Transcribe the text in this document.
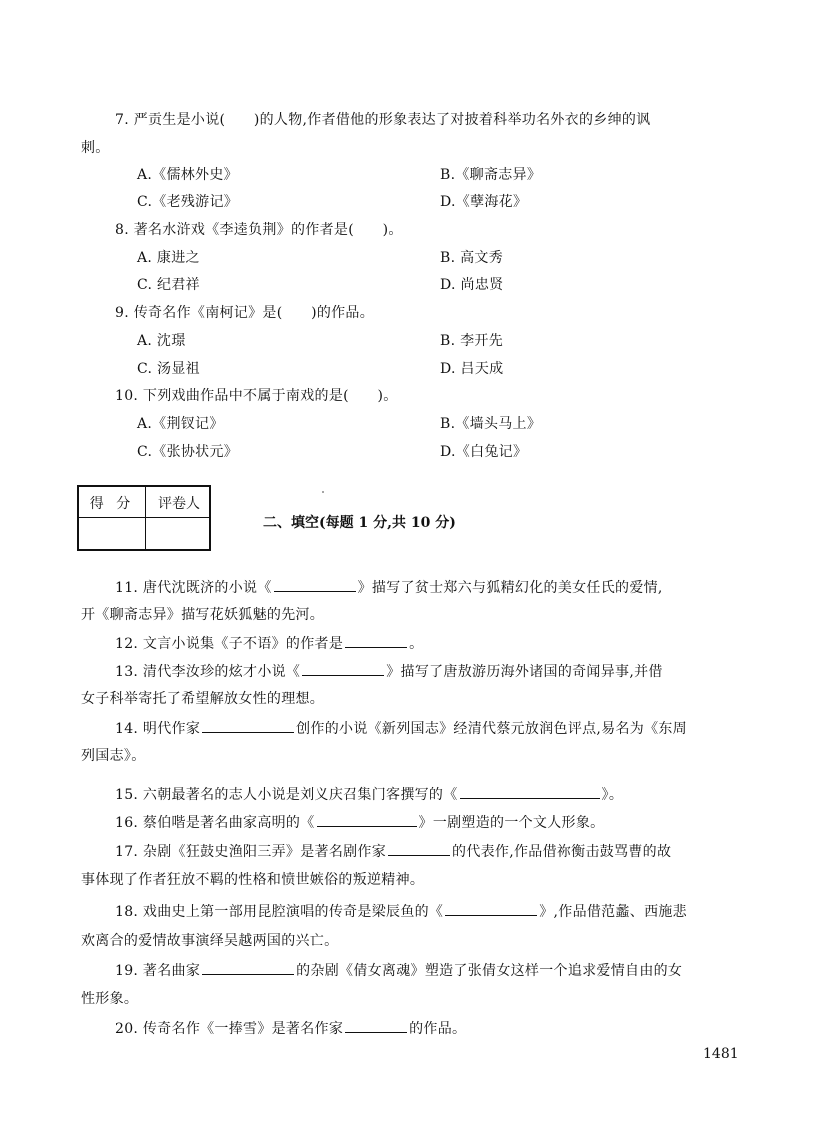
7. 严贡生是小说(　　)的人物,作者借他的形象表达了对披着科举功名外衣的乡绅的讽
刺。
A.《儒林外史》	B.《聊斋志异》
C.《老残游记》	D.《孽海花》
8. 著名水浒戏《李逵负荆》的作者是(　　)。
A. 康进之	B. 高文秀
C. 纪君祥	D. 尚忠贤
9. 传奇名作《南柯记》是(　　)的作品。
A. 沈璟	B. 李开先
C. 汤显祖	D. 吕天成
10. 下列戏曲作品中不属于南戏的是(　　)。
A.《荆钗记》	B.《墙头马上》
C.《张协状元》	D.《白兔记》
得 分	评卷人
二、填空(每题 1 分,共 10 分)
11. 唐代沈既济的小说《	》描写了贫士郑六与狐精幻化的美女任氏的爱情,
开《聊斋志异》描写花妖狐魅的先河。
12. 文言小说集《子不语》的作者是	。
13. 清代李汝珍的炫才小说《	》描写了唐敖游历海外诸国的奇闻异事,并借
女子科举寄托了希望解放女性的理想。
14. 明代作家	创作的小说《新列国志》经清代蔡元放润色评点,易名为《东周
列国志》。
15. 六朝最著名的志人小说是刘义庆召集门客撰写的《	》。
16. 蔡伯喈是著名曲家高明的《	》一剧塑造的一个文人形象。
17. 杂剧《狂鼓史渔阳三弄》是著名剧作家	的代表作,作品借祢衡击鼓骂曹的故
事体现了作者狂放不羁的性格和愤世嫉俗的叛逆精神。
18. 戏曲史上第一部用昆腔演唱的传奇是梁辰鱼的《	》,作品借范蠡、西施悲
欢离合的爱情故事演绎吴越两国的兴亡。
19. 著名曲家	的杂剧《倩女离魂》塑造了张倩女这样一个追求爱情自由的女
性形象。
20. 传奇名作《一捧雪》是著名作家	的作品。
1481
